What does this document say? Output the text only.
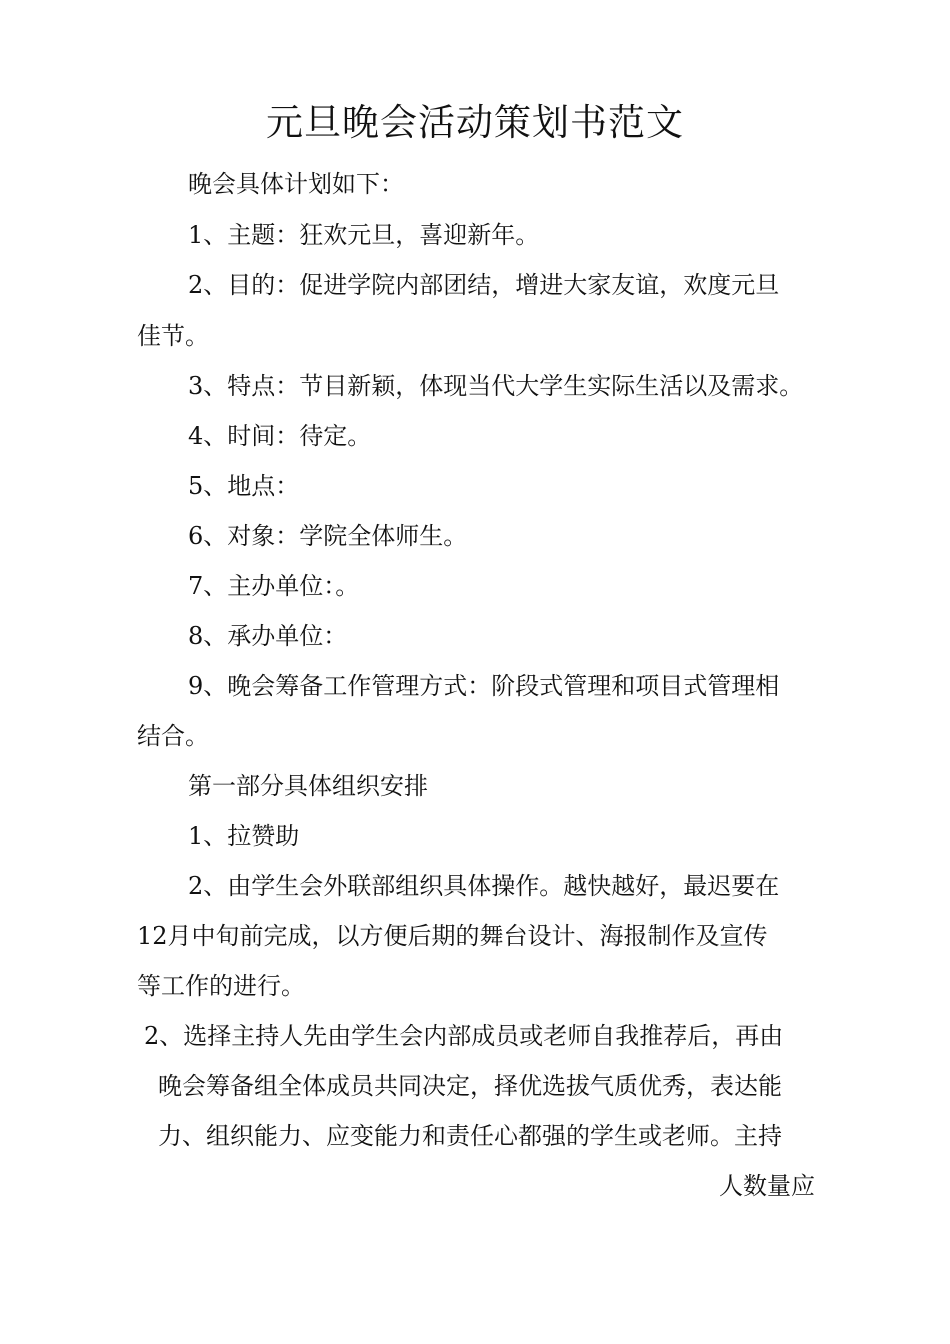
元旦晚会活动策划书范文
晚会具体计划如下：
1、主题：狂欢元旦，喜迎新年。
2、目的：促进学院内部团结，增进大家友谊，欢度元旦
佳节。
3、特点：节目新颖，体现当代大学生实际生活以及需求。
4、时间：待定。
5、地点：
6、对象：学院全体师生。
7、主办单位：。
8、承办单位：
9、晚会筹备工作管理方式：阶段式管理和项目式管理相
结合。
第一部分具体组织安排
1、拉赞助
2、由学生会外联部组织具体操作。越快越好，最迟要在
12月中旬前完成，以方便后期的舞台设计、海报制作及宣传
等工作的进行。
2、选择主持人先由学生会内部成员或老师自我推荐后，再由
晚会筹备组全体成员共同决定，择优选拔气质优秀，表达能
力、组织能力、应变能力和责任心都强的学生或老师。主持
人数量应
